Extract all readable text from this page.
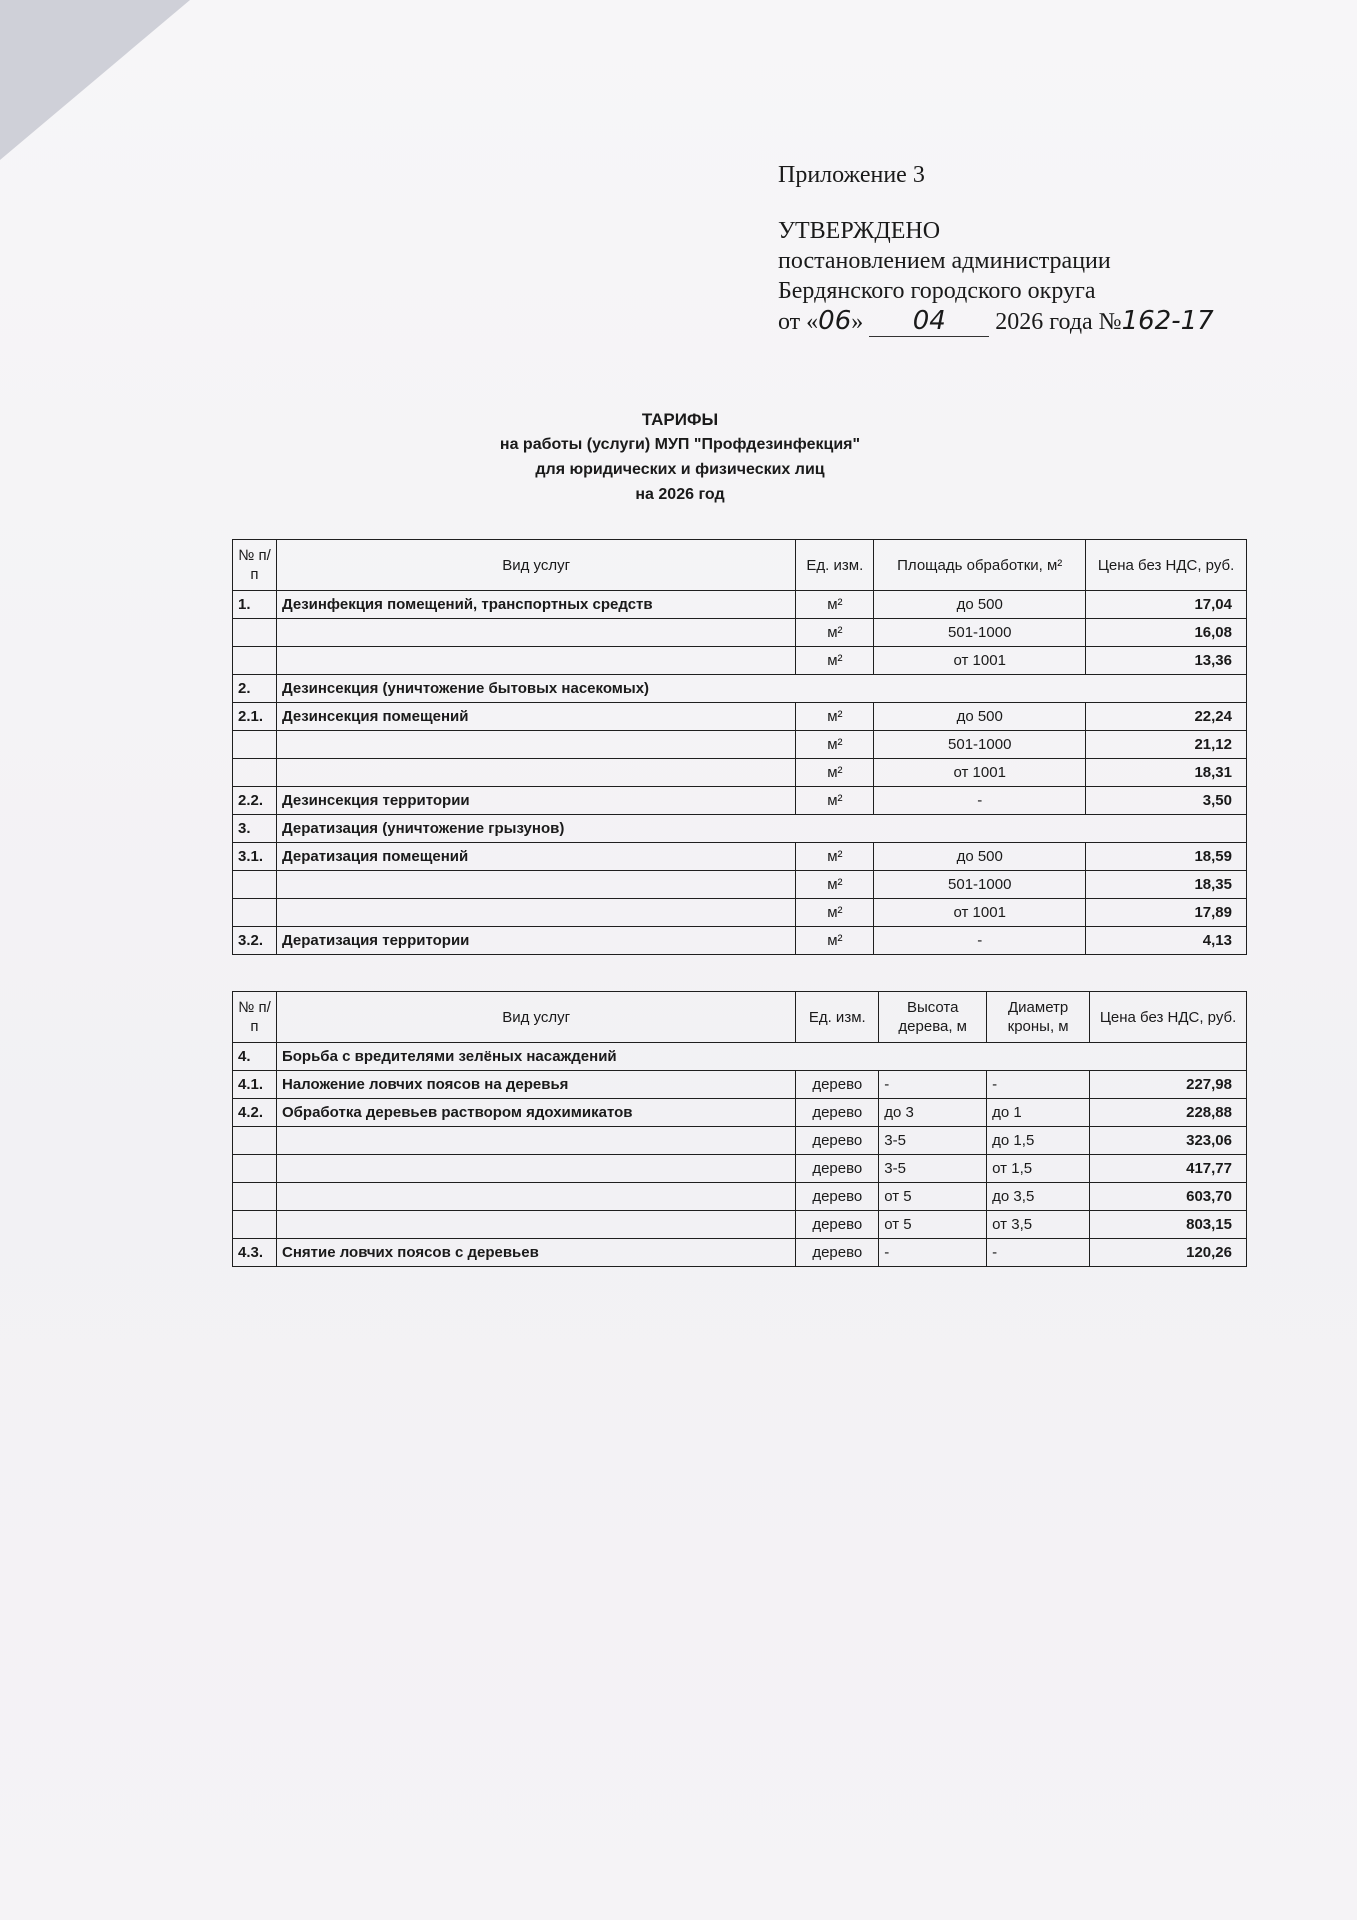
Приложение 3
УТВЕРЖДЕНО
постановлением администрации
Бердянского городского округа
от «06» 04 2026 года №162-17
ТАРИФЫ
на работы (услуги) МУП "Профдезинфекция"
для юридических и физических лиц
на 2026 год
№ п/п	Вид услуг	Ед. изм.	Площадь обработки, м²	Цена без НДС, руб.
1.	Дезинфекция помещений, транспортных средств	м²	до 500	17,04
		м²	501-1000	16,08
		м²	от 1001	13,36
2.	Дезинсекция (уничтожение бытовых насекомых)			
2.1.	Дезинсекция помещений	м²	до 500	22,24
		м²	501-1000	21,12
		м²	от 1001	18,31
2.2.	Дезинсекция территории	м²	-	3,50
3.	Дератизация (уничтожение грызунов)			
3.1.	Дератизация помещений	м²	до 500	18,59
		м²	501-1000	18,35
		м²	от 1001	17,89
3.2.	Дератизация территории	м²	-	4,13
№ п/п	Вид услуг	Ед. изм.	Высота дерева, м	Диаметр кроны, м	Цена без НДС, руб.
4.	Борьба с вредителями зелёных насаждений				
4.1.	Наложение ловчих поясов на деревья	дерево	-	-	227,98
4.2.	Обработка деревьев раствором ядохимикатов	дерево	до 3	до 1	228,88
		дерево	3-5	до 1,5	323,06
		дерево	3-5	от 1,5	417,77
		дерево	от 5	до 3,5	603,70
		дерево	от 5	от 3,5	803,15
4.3.	Снятие ловчих поясов с деревьев	дерево	-	-	120,26
